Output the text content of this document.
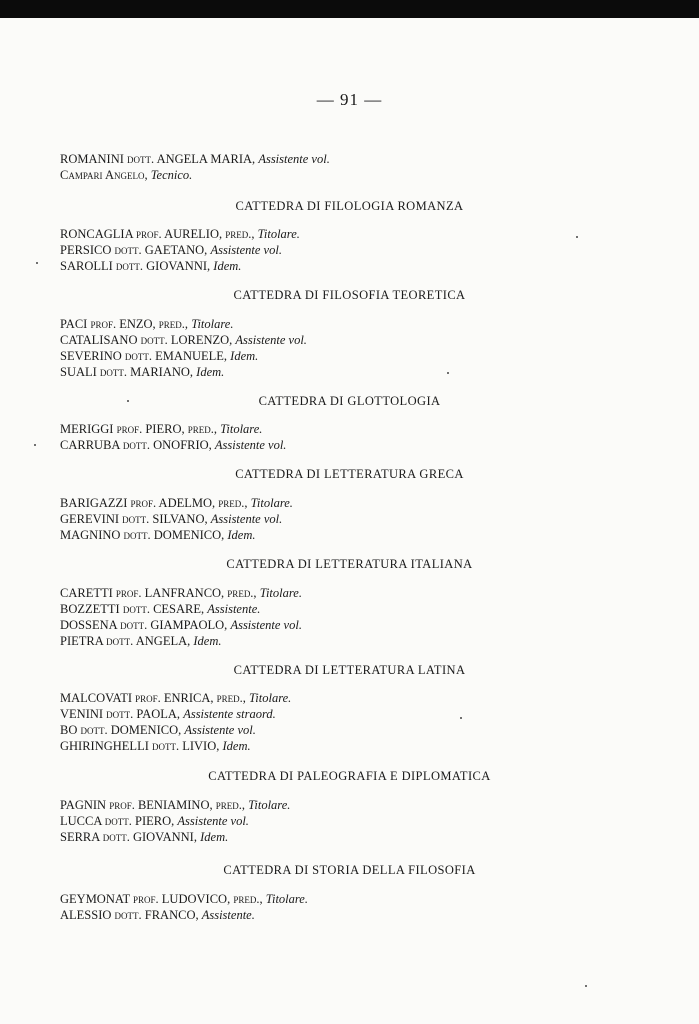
— 91 —
ROMANINI dott. ANGELA MARIA, Assistente vol.
Campari Angelo, Tecnico.
CATTEDRA DI FILOLOGIA ROMANZA
RONCAGLIA prof. AURELIO, pred., Titolare.
PERSICO dott. GAETANO, Assistente vol.
SAROLLI dott. GIOVANNI, Idem.
CATTEDRA DI FILOSOFIA TEORETICA
PACI prof. ENZO, pred., Titolare.
CATALISANO dott. LORENZO, Assistente vol.
SEVERINO dott. EMANUELE, Idem.
SUALI dott. MARIANO, Idem.
CATTEDRA DI GLOTTOLOGIA
MERIGGI prof. PIERO, pred., Titolare.
CARRUBA dott. ONOFRIO, Assistente vol.
CATTEDRA DI LETTERATURA GRECA
BARIGAZZI prof. ADELMO, pred., Titolare.
GEREVINI dott. SILVANO, Assistente vol.
MAGNINO dott. DOMENICO, Idem.
CATTEDRA DI LETTERATURA ITALIANA
CARETTI prof. LANFRANCO, pred., Titolare.
BOZZETTI dott. CESARE, Assistente.
DOSSENA dott. GIAMPAOLO, Assistente vol.
PIETRA dott. ANGELA, Idem.
CATTEDRA DI LETTERATURA LATINA
MALCOVATI prof. ENRICA, pred., Titolare.
VENINI dott. PAOLA, Assistente straord.
BO dott. DOMENICO, Assistente vol.
GHIRINGHELLI dott. LIVIO, Idem.
CATTEDRA DI PALEOGRAFIA E DIPLOMATICA
PAGNIN prof. BENIAMINO, pred., Titolare.
LUCCA dott. PIERO, Assistente vol.
SERRA dott. GIOVANNI, Idem.
CATTEDRA DI STORIA DELLA FILOSOFIA
GEYMONAT prof. LUDOVICO, pred., Titolare.
ALESSIO dott. FRANCO, Assistente.
